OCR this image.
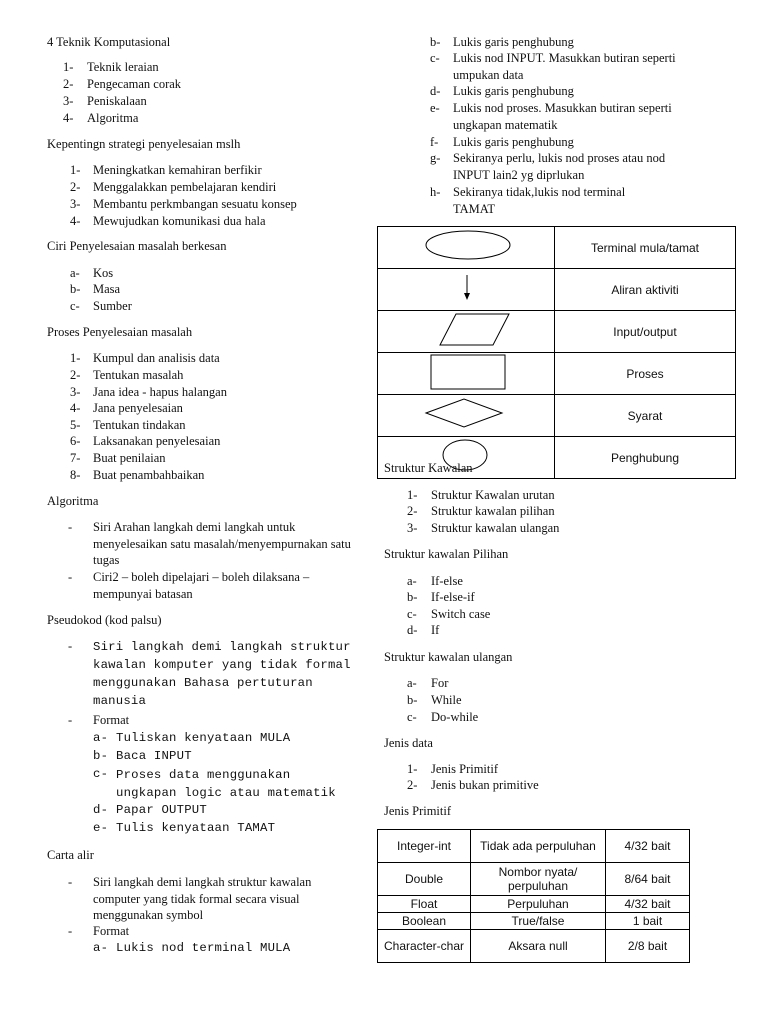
4 Teknik Komputasional
1- Teknik leraian
2- Pengecaman corak
3- Peniskalaan
4- Algoritma
Kepentingn strategi penyelesaian mslh
1- Meningkatkan kemahiran berfikir
2- Menggalakkan pembelajaran kendiri
3- Membantu perkmbangan sesuatu konsep
4- Mewujudkan komunikasi dua hala
Ciri Penyelesaian masalah berkesan
a- Kos
b- Masa
c- Sumber
Proses Penyelesaian masalah
1- Kumpul dan analisis data
2- Tentukan masalah
3- Jana idea - hapus halangan
4- Jana penyelesaian
5- Tentukan tindakan
6- Laksanakan penyelesaian
7- Buat penilaian
8- Buat penambahbaikan
Algoritma
- Siri Arahan langkah demi langkah untuk menyelesaikan satu masalah/menyempurnakan satu tugas
- Ciri2 – boleh dipelajari – boleh dilaksana – mempunyai batasan
Pseudokod (kod palsu)
- Siri langkah demi langkah struktur kawalan komputer yang tidak formal menggunakan Bahasa pertuturan manusia
- Format
a- Tuliskan kenyataan MULA
b- Baca INPUT
c- Proses data menggunakan ungkapan logic atau matematik
d- Papar OUTPUT
e- Tulis kenyataan TAMAT
Carta alir
- Siri langkah demi langkah struktur kawalan computer yang tidak formal secara visual menggunakan symbol
- Format
a- Lukis nod terminal MULA
b- Lukis garis penghubung
c- Lukis nod INPUT. Masukkan butiran seperti umpukan data
d- Lukis garis penghubung
e- Lukis nod proses. Masukkan butiran seperti ungkapan matematik
f- Lukis garis penghubung
g- Sekiranya perlu, lukis nod proses atau nod INPUT lain2 yg diprlukan
h- Sekiranya tidak,lukis nod terminal TAMAT
	Terminal mula/tamat
	Aliran aktiviti
	Input/output
	Proses
	Syarat
	Penghubung
Struktur Kawalan
1- Struktur Kawalan urutan
2- Struktur kawalan pilihan
3- Struktur kawalan ulangan
Struktur kawalan Pilihan
a- If-else
b- If-else-if
c- Switch case
d- If
Struktur kawalan ulangan
a- For
b- While
c- Do-while
Jenis data
1- Jenis Primitif
2- Jenis bukan primitive
Jenis Primitif
Integer-int	Tidak ada perpuluhan	4/32 bait
Double	Nombor nyata/ perpuluhan	8/64 bait
Float	Perpuluhan	4/32 bait
Boolean	True/false	1 bait
Character-char	Aksara null	2/8 bait
